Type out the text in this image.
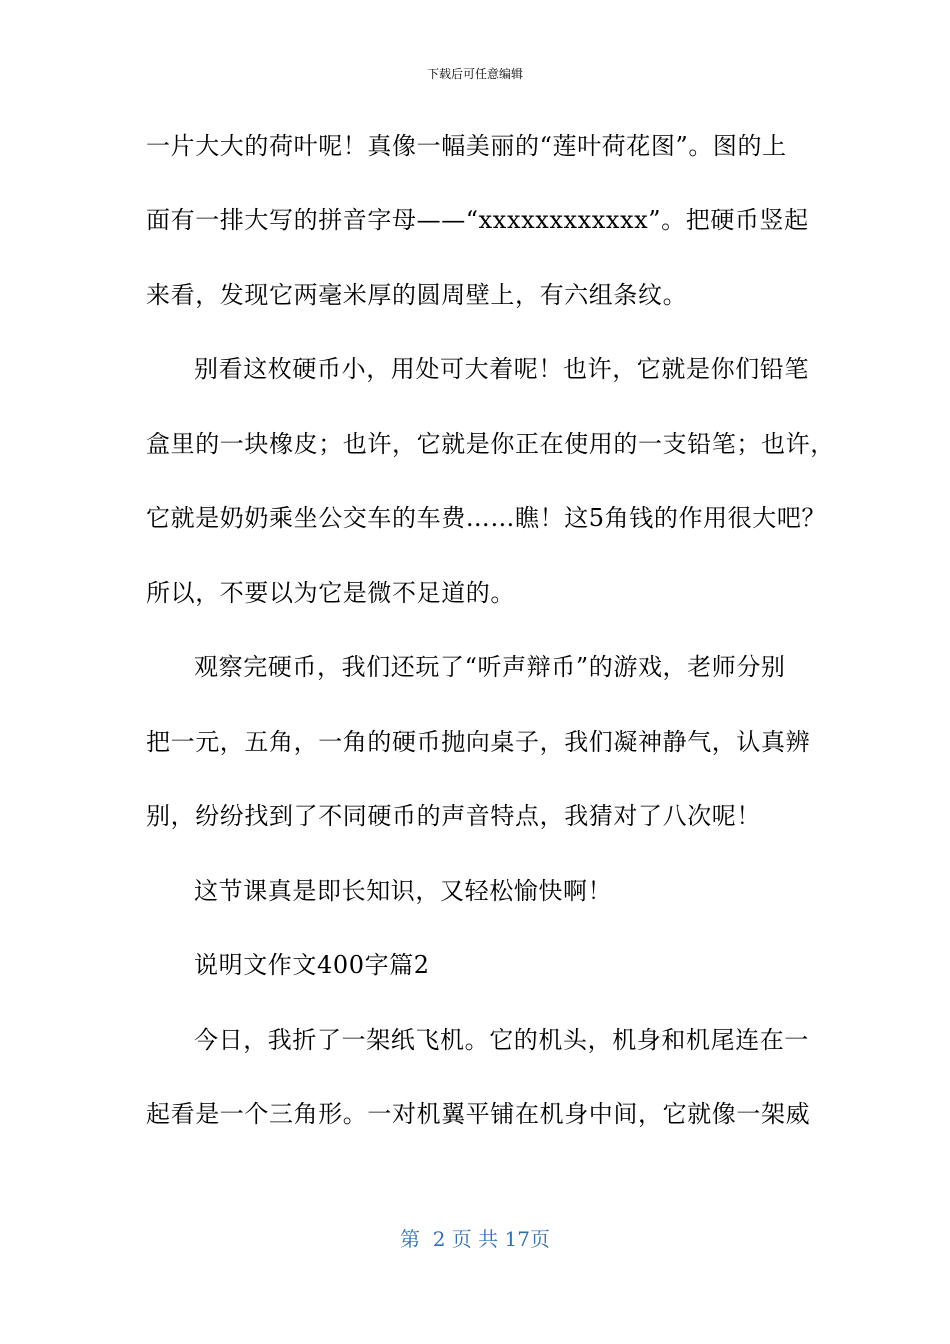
下载后可任意编辑
一片大大的荷叶呢！真像一幅美丽的“莲叶荷花图”。图的上
面有一排大写的拼音字母——“xxxxxxxxxxxx”。把硬币竖起
来看，发现它两毫米厚的圆周壁上，有六组条纹。
别看这枚硬币小，用处可大着呢！也许，它就是你们铅笔
盒里的一块橡皮；也许，它就是你正在使用的一支铅笔；也许，
它就是奶奶乘坐公交车的车费……瞧！这5角钱的作用很大吧？
所以，不要以为它是微不足道的。
观察完硬币，我们还玩了“听声辩币”的游戏，老师分别
把一元，五角，一角的硬币抛向桌子，我们凝神静气，认真辨
别，纷纷找到了不同硬币的声音特点，我猜对了八次呢！
这节课真是即长知识，又轻松愉快啊！
说明文作文400字篇2
今日，我折了一架纸飞机。它的机头，机身和机尾连在一
起看是一个三角形。一对机翼平铺在机身中间，它就像一架威
第  2 页 共 17页
